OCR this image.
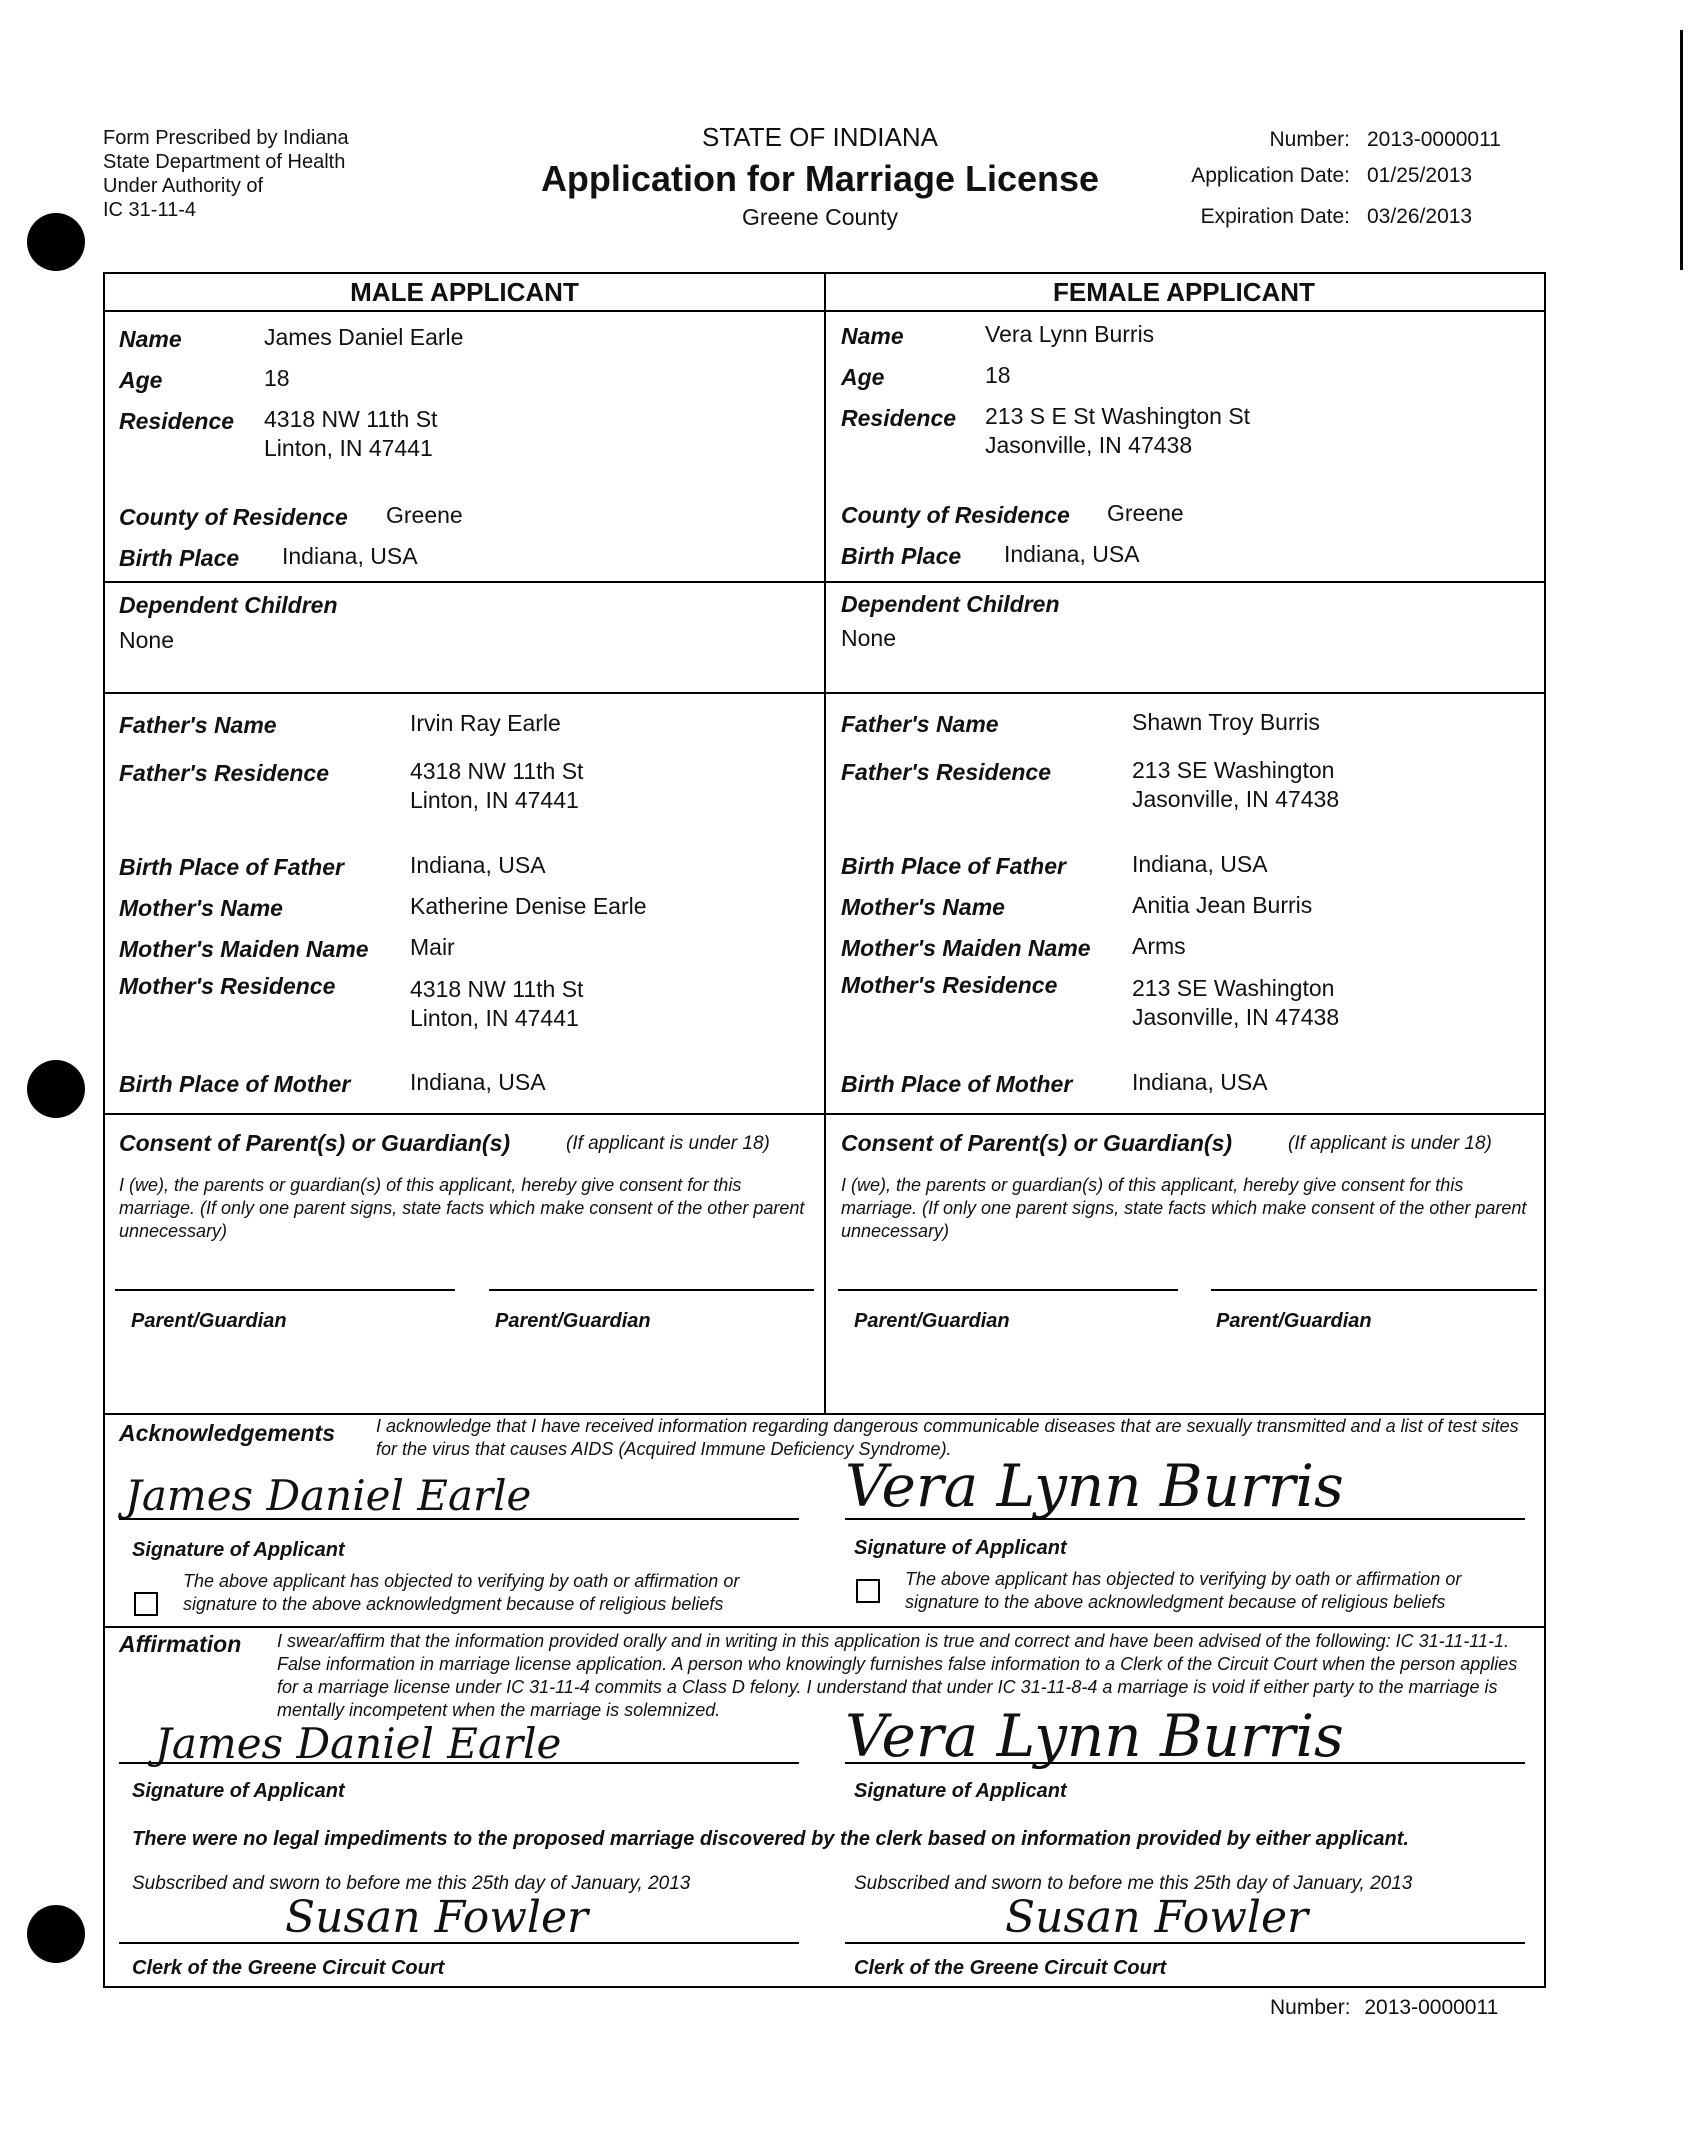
Form Prescribed by Indiana
State Department of Health
Under Authority of
IC 31-11-4
STATE OF INDIANA
Application for Marriage License
Greene County
Number: 2013-0000011
Application Date: 01/25/2013
Expiration Date: 03/26/2013
MALE APPLICANT	FEMALE APPLICANT
Name	James Daniel Earle
Age	18
Residence 4318 NW 11th St
Linton, IN 47441
County of Residence Greene
Birth Place Indiana, USA
Dependent Children
None
Father's Name	Irvin Ray Earle
Father's Residence	4318 NW 11th St
Linton, IN 47441
Birth Place of Father	Indiana, USA
Mother's Name	Katherine Denise Earle
Mother's Maiden Name Mair
Mother's Residence	4318 NW 11th St
Linton, IN 47441
Birth Place of Mother	Indiana, USA
Consent of Parent(s) or Guardian(s)	(If applicant is under 18)
I (we), the parents or guardian(s) of this applicant, hereby give consent for this marriage. (If only one parent signs, state facts which make consent of the other parent unnecessary)
Parent/Guardian	Parent/Guardian
Name	Vera Lynn Burris
Age	18
Residence 213 S E St Washington St
Jasonville, IN 47438
County of Residence Greene
Birth Place Indiana, USA
Dependent Children
None
Father's Name	Shawn Troy Burris
Father's Residence	213 SE Washington
Jasonville, IN 47438
Birth Place of Father	Indiana, USA
Mother's Name	Anitia Jean Burris
Mother's Maiden Name Arms
Mother's Residence	213 SE Washington
Jasonville, IN 47438
Birth Place of Mother	Indiana, USA
Consent of Parent(s) or Guardian(s)	(If applicant is under 18)
I (we), the parents or guardian(s) of this applicant, hereby give consent for this marriage. (If only one parent signs, state facts which make consent of the other parent unnecessary)
Parent/Guardian	Parent/Guardian
Acknowledgements I acknowledge that I have received information regarding dangerous communicable diseases that are sexually transmitted and a list of test sites for the virus that causes AIDS (Acquired Immune Deficiency Syndrome).
James Daniel Earle
Signature of Applicant
The above applicant has objected to verifying by oath or affirmation or signature to the above acknowledgment because of religious beliefs
Vera Lynn Burris
Signature of Applicant
The above applicant has objected to verifying by oath or affirmation or signature to the above acknowledgment because of religious beliefs
Affirmation I swear/affirm that the information provided orally and in writing in this application is true and correct and have been advised of the following: IC 31-11-11-1. False information in marriage license application. A person who knowingly furnishes false information to a Clerk of the Circuit Court when the person applies for a marriage license under IC 31-11-4 commits a Class D felony. I understand that under IC 31-11-8-4 a marriage is void if either party to the marriage is mentally incompetent when the marriage is solemnized.
James Daniel Earle
Signature of Applicant
Vera Lynn Burris
Signature of Applicant
There were no legal impediments to the proposed marriage discovered by the clerk based on information provided by either applicant.
Subscribed and sworn to before me this 25th day of January, 2013	Subscribed and sworn to before me this 25th day of January, 2013
Susan Fowler
Clerk of the Greene Circuit Court
Susan Fowler
Clerk of the Greene Circuit Court
Number: 2013-0000011
